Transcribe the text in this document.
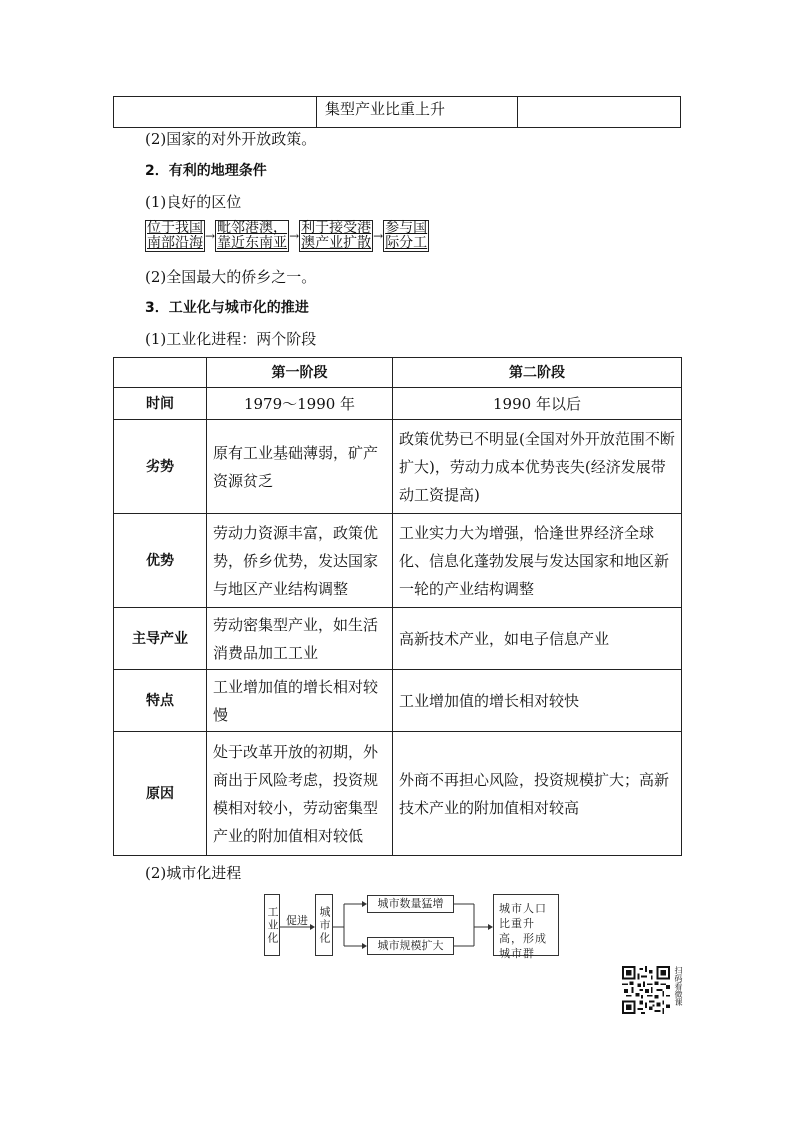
集型产业比重上升
(2)国家的对外开放政策。
2．有利的地理条件
(1)良好的区位
位于我国
南部沿海 → 毗邻港澳，
靠近东南亚 → 利于接受港
澳产业扩散 → 参与国
际分工
(2)全国最大的侨乡之一。
3．工业化与城市化的推进
(1)工业化进程：两个阶段
	第一阶段	第二阶段
时间	1979～1990 年	1990 年以后
劣势	原有工业基础薄弱，矿产资源贫乏	政策优势已不明显(全国对外开放范围不断扩大)，劳动力成本优势丧失(经济发展带动工资提高)
优势	劳动力资源丰富，政策优势，侨乡优势，发达国家与地区产业结构调整	工业实力大为增强，恰逢世界经济全球化、信息化蓬勃发展与发达国家和地区新一轮的产业结构调整
主导产业	劳动密集型产业，如生活消费品加工工业	高新技术产业，如电子信息产业
特点	工业增加值的增长相对较慢	工业增加值的增长相对较快
原因	处于改革开放的初期，外商出于风险考虑，投资规模相对较小，劳动密集型产业的附加值相对较低	外商不再担心风险，投资规模扩大；高新技术产业的附加值相对较高
(2)城市化进程
工业化 促进 城市化
城市数量猛增
城市规模扩大
城市人口比重升高，形成城市群
扫码看微课
